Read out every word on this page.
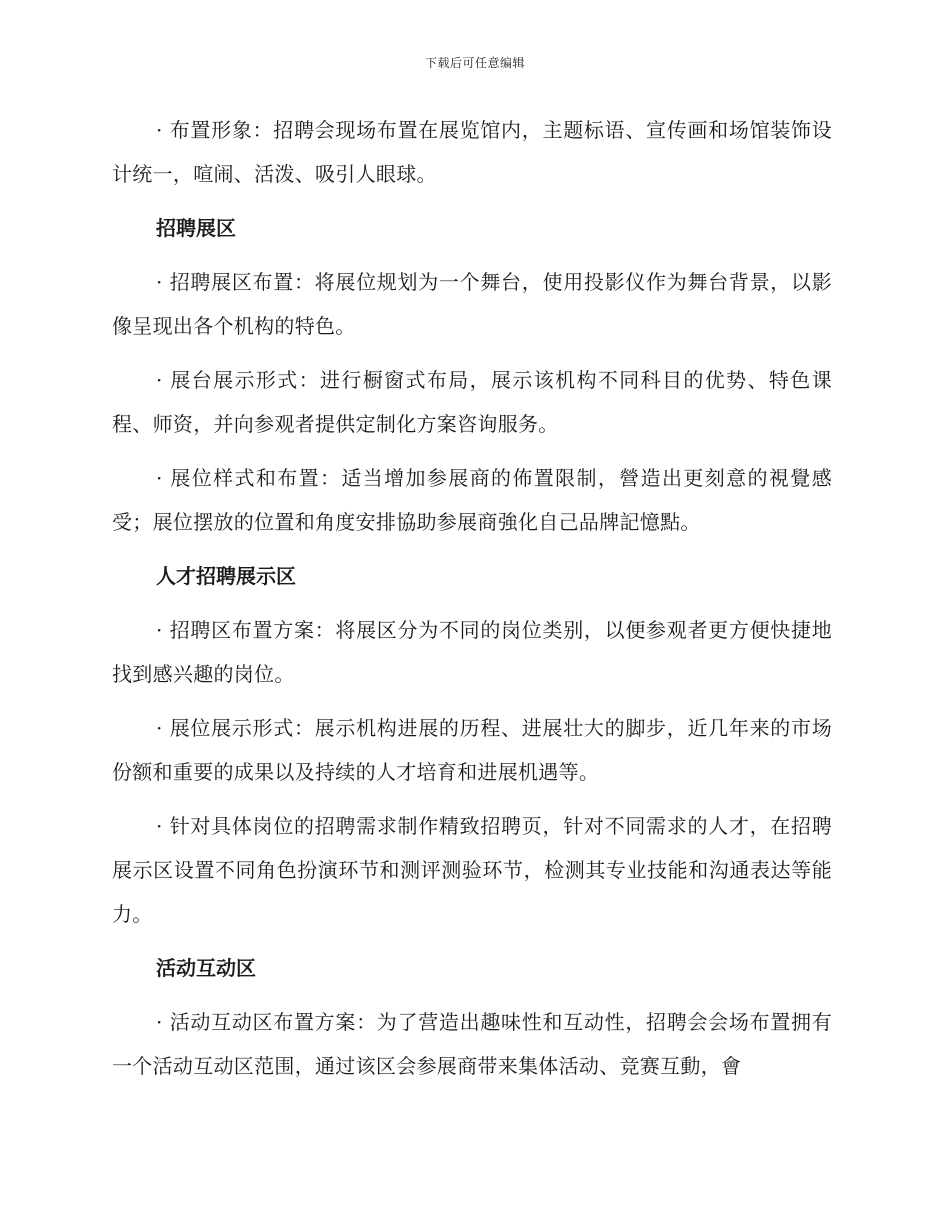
下载后可任意编辑

· 布置形象：招聘会现场布置在展览馆内，主题标语、宣传画和场馆装饰设计统一，喧闹、活泼、吸引人眼球。

招聘展区

· 招聘展区布置：将展位规划为一个舞台，使用投影仪作为舞台背景，以影像呈现出各个机构的特色。

· 展台展示形式：进行橱窗式布局，展示该机构不同科目的优势、特色课程、师资，并向参观者提供定制化方案咨询服务。

· 展位样式和布置：适当增加参展商的佈置限制，營造出更刻意的視覺感受；展位摆放的位置和角度安排協助参展商強化自己品牌記憶點。

人才招聘展示区

· 招聘区布置方案：将展区分为不同的岗位类别，以便参观者更方便快捷地找到感兴趣的岗位。

· 展位展示形式：展示机构进展的历程、进展壮大的脚步，近几年来的市场份额和重要的成果以及持续的人才培育和进展机遇等。

· 针对具体岗位的招聘需求制作精致招聘页，针对不同需求的人才，在招聘展示区设置不同角色扮演环节和测评测验环节，检测其专业技能和沟通表达等能力。

活动互动区

· 活动互动区布置方案：为了营造出趣味性和互动性，招聘会会场布置拥有一个活动互动区范围，通过该区会参展商带来集体活动、竞赛互動，會
